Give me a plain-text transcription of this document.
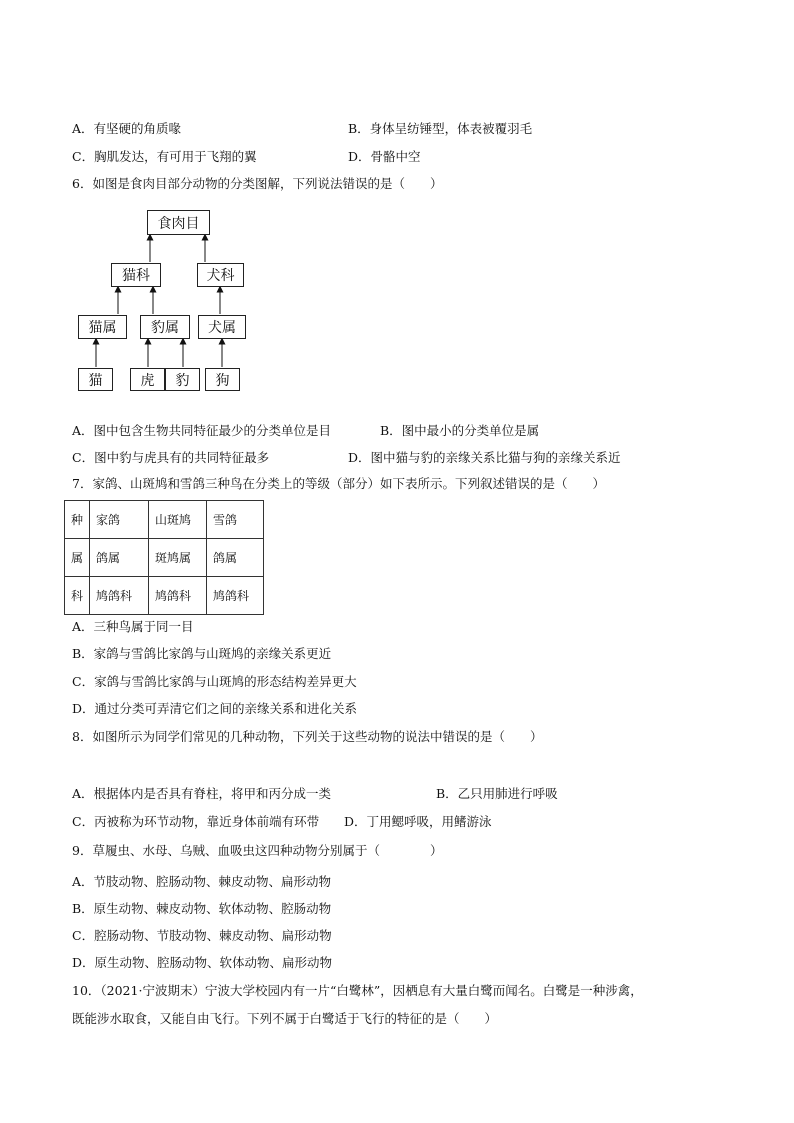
A．有坚硬的角质喙	B．身体呈纺锤型，体表被覆羽毛
C．胸肌发达，有可用于飞翔的翼	D．骨骼中空
6．如图是食肉目部分动物的分类图解，下列说法错误的是（　　）
食肉目
猫科	犬科
猫属	豹属	犬属
猫	虎	豹	狗
A．图中包含生物共同特征最少的分类单位是目	B．图中最小的分类单位是属
C．图中豹与虎具有的共同特征最多	D．图中猫与豹的亲缘关系比猫与狗的亲缘关系近
7．家鸽、山斑鸠和雪鸽三种鸟在分类上的等级（部分）如下表所示。下列叙述错误的是（　　）
种	家鸽	山斑鸠	雪鸽
属	鸽属	斑鸠属	鸽属
科	鸠鸽科	鸠鸽科	鸠鸽科
A．三种鸟属于同一目
B．家鸽与雪鸽比家鸽与山斑鸠的亲缘关系更近
C．家鸽与雪鸽比家鸽与山斑鸠的形态结构差异更大
D．通过分类可弄清它们之间的亲缘关系和进化关系
8．如图所示为同学们常见的几种动物，下列关于这些动物的说法中错误的是（　　）
A．根据体内是否具有脊柱，将甲和丙分成一类	B．乙只用肺进行呼吸
C．丙被称为环节动物，靠近身体前端有环带 D．丁用鳃呼吸，用鳍游泳
9．草履虫、水母、乌贼、血吸虫这四种动物分别属于（　　　　）
A．节肢动物、腔肠动物、棘皮动物、扁形动物
B．原生动物、棘皮动物、软体动物、腔肠动物
C．腔肠动物、节肢动物、棘皮动物、扁形动物
D．原生动物、腔肠动物、软体动物、扁形动物
10．（2021·宁波期末）宁波大学校园内有一片“白鹭林”，因栖息有大量白鹭而闻名。白鹭是一种涉禽，
既能涉水取食，又能自由飞行。下列不属于白鹭适于飞行的特征的是（　　）
